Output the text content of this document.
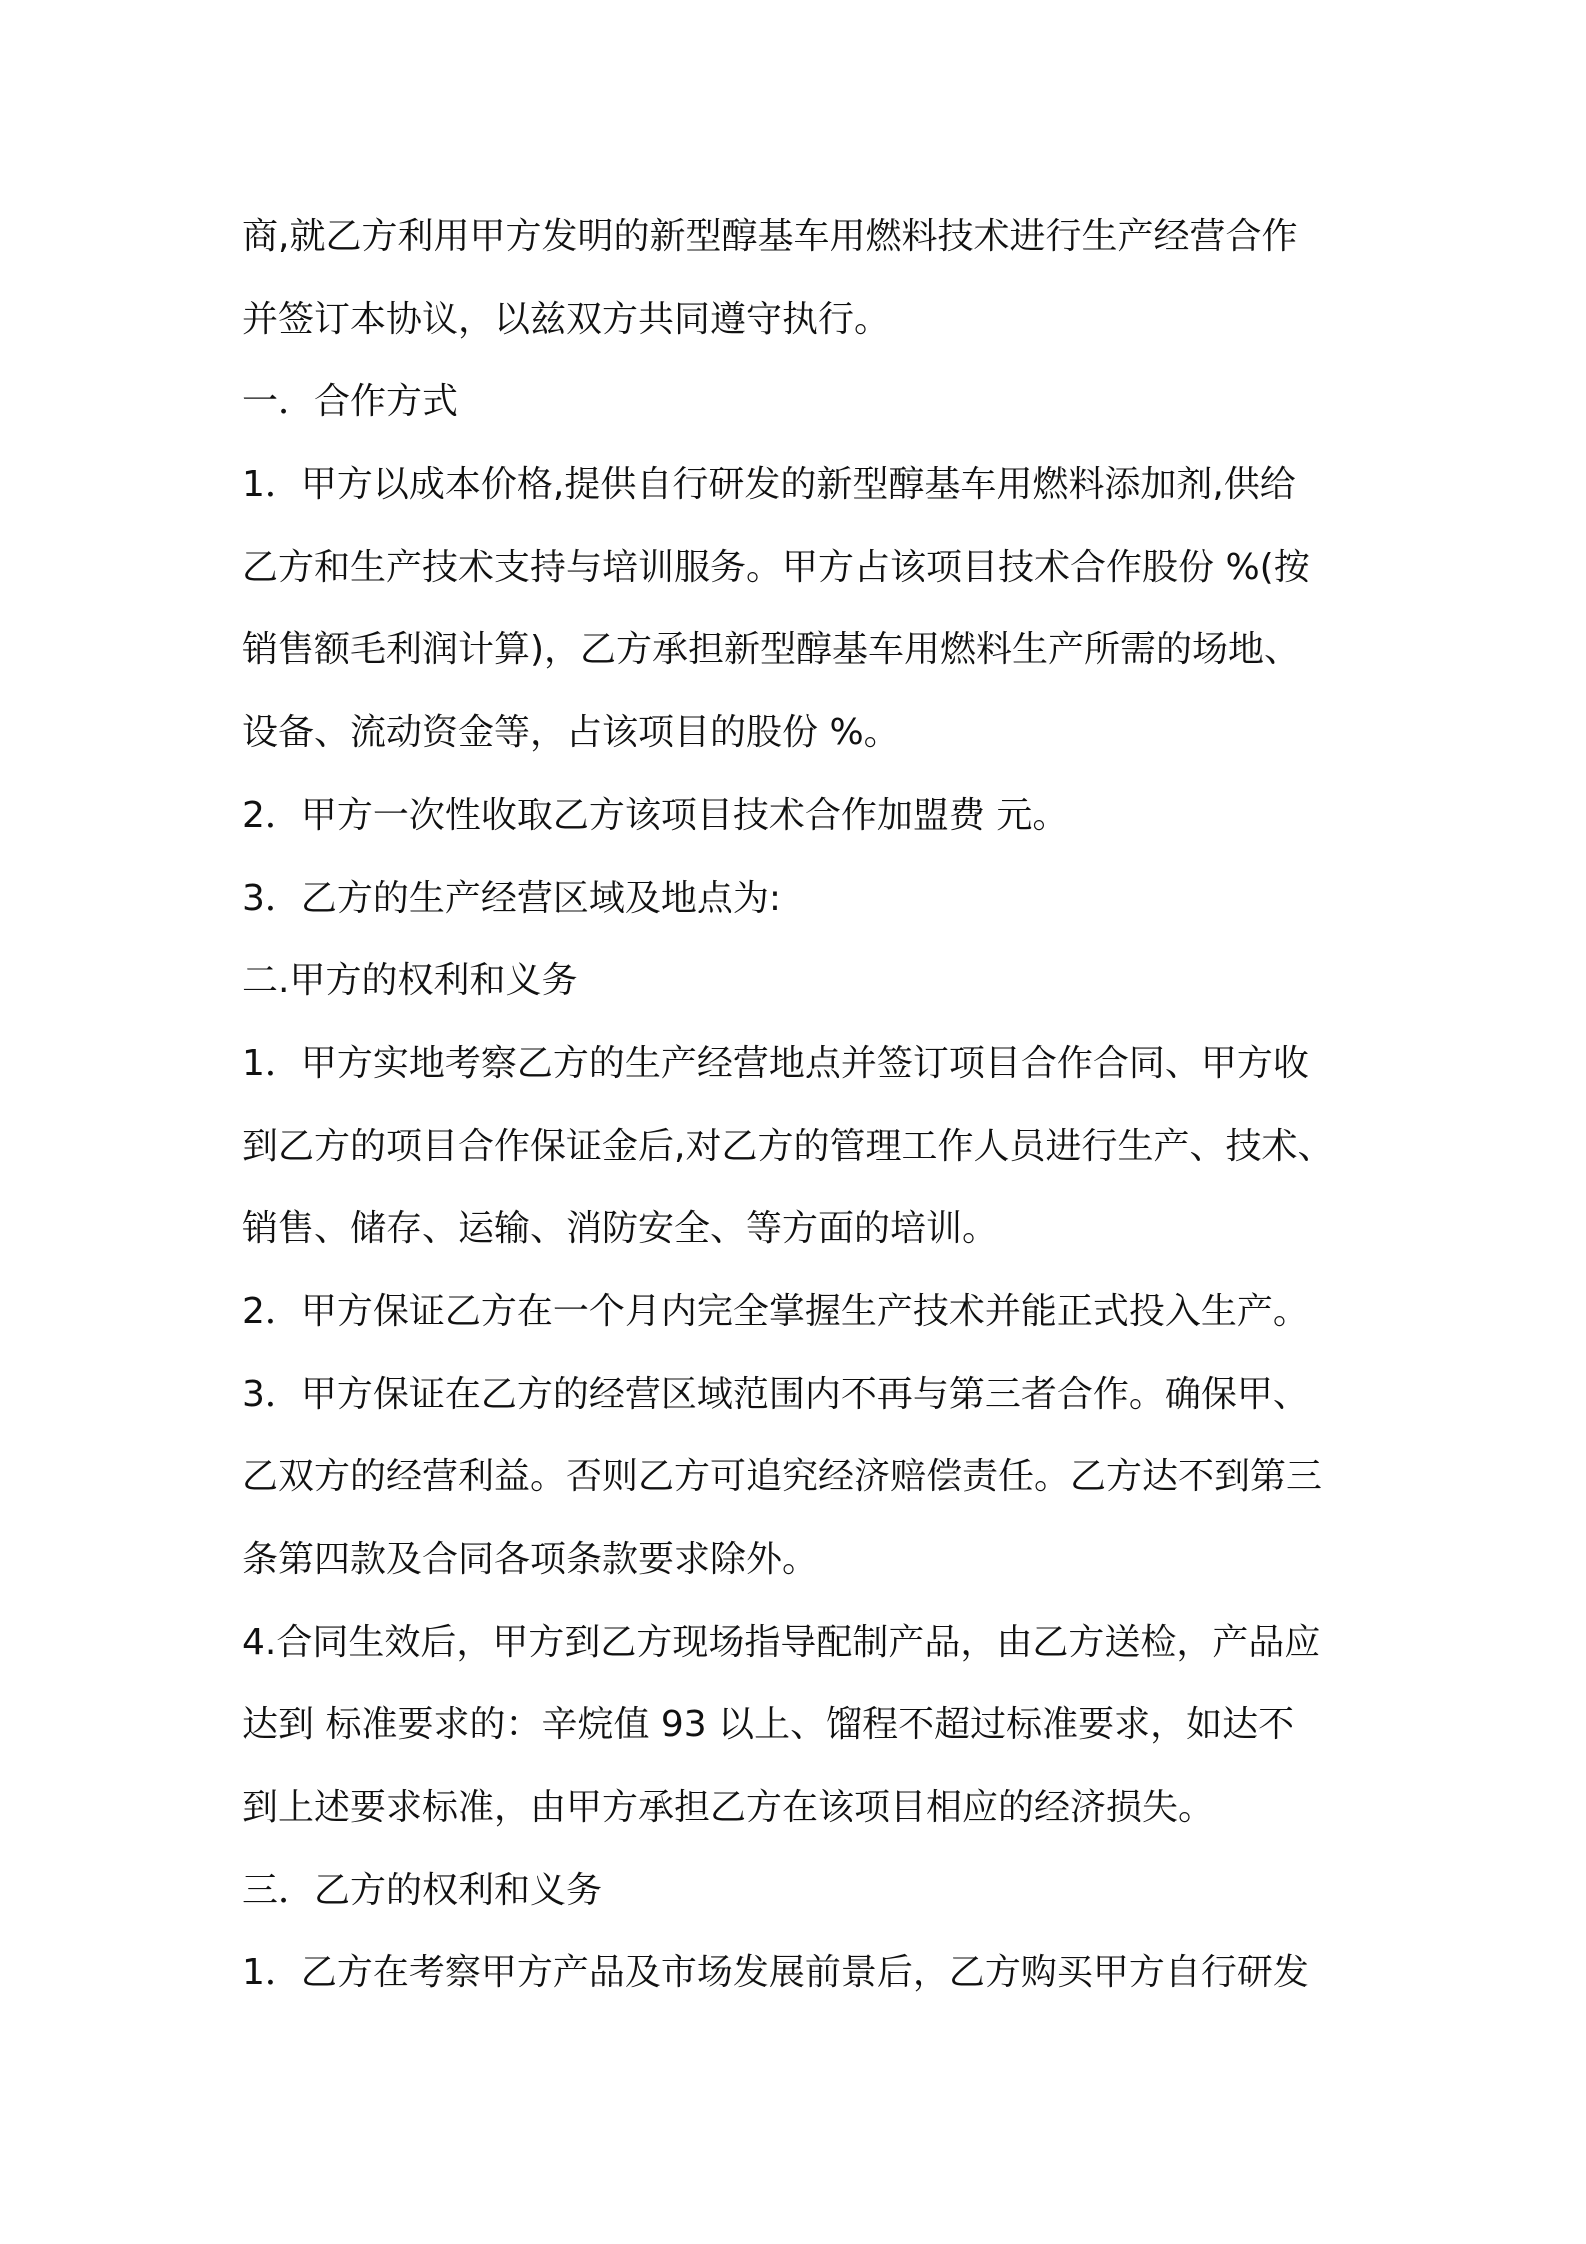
商,就乙方利用甲方发明的新型醇基车用燃料技术进行生产经营合作
并签订本协议，以兹双方共同遵守执行。
一．合作方式
1．甲方以成本价格,提供自行研发的新型醇基车用燃料添加剂,供给
乙方和生产技术支持与培训服务。甲方占该项目技术合作股份 %(按
销售额毛利润计算)，乙方承担新型醇基车用燃料生产所需的场地、
设备、流动资金等，占该项目的股份 %。
2．甲方一次性收取乙方该项目技术合作加盟费 元。
3．乙方的生产经营区域及地点为:
二.甲方的权利和义务
1．甲方实地考察乙方的生产经营地点并签订项目合作合同、甲方收
到乙方的项目合作保证金后,对乙方的管理工作人员进行生产、技术、
销售、储存、运输、消防安全、等方面的培训。
2．甲方保证乙方在一个月内完全掌握生产技术并能正式投入生产。
3．甲方保证在乙方的经营区域范围内不再与第三者合作。确保甲、
乙双方的经营利益。否则乙方可追究经济赔偿责任。乙方达不到第三
条第四款及合同各项条款要求除外。
4.合同生效后，甲方到乙方现场指导配制产品，由乙方送检，产品应
达到 标准要求的：辛烷值 93 以上、馏程不超过标准要求，如达不
到上述要求标准，由甲方承担乙方在该项目相应的经济损失。
三．乙方的权利和义务
1．乙方在考察甲方产品及市场发展前景后，乙方购买甲方自行研发
